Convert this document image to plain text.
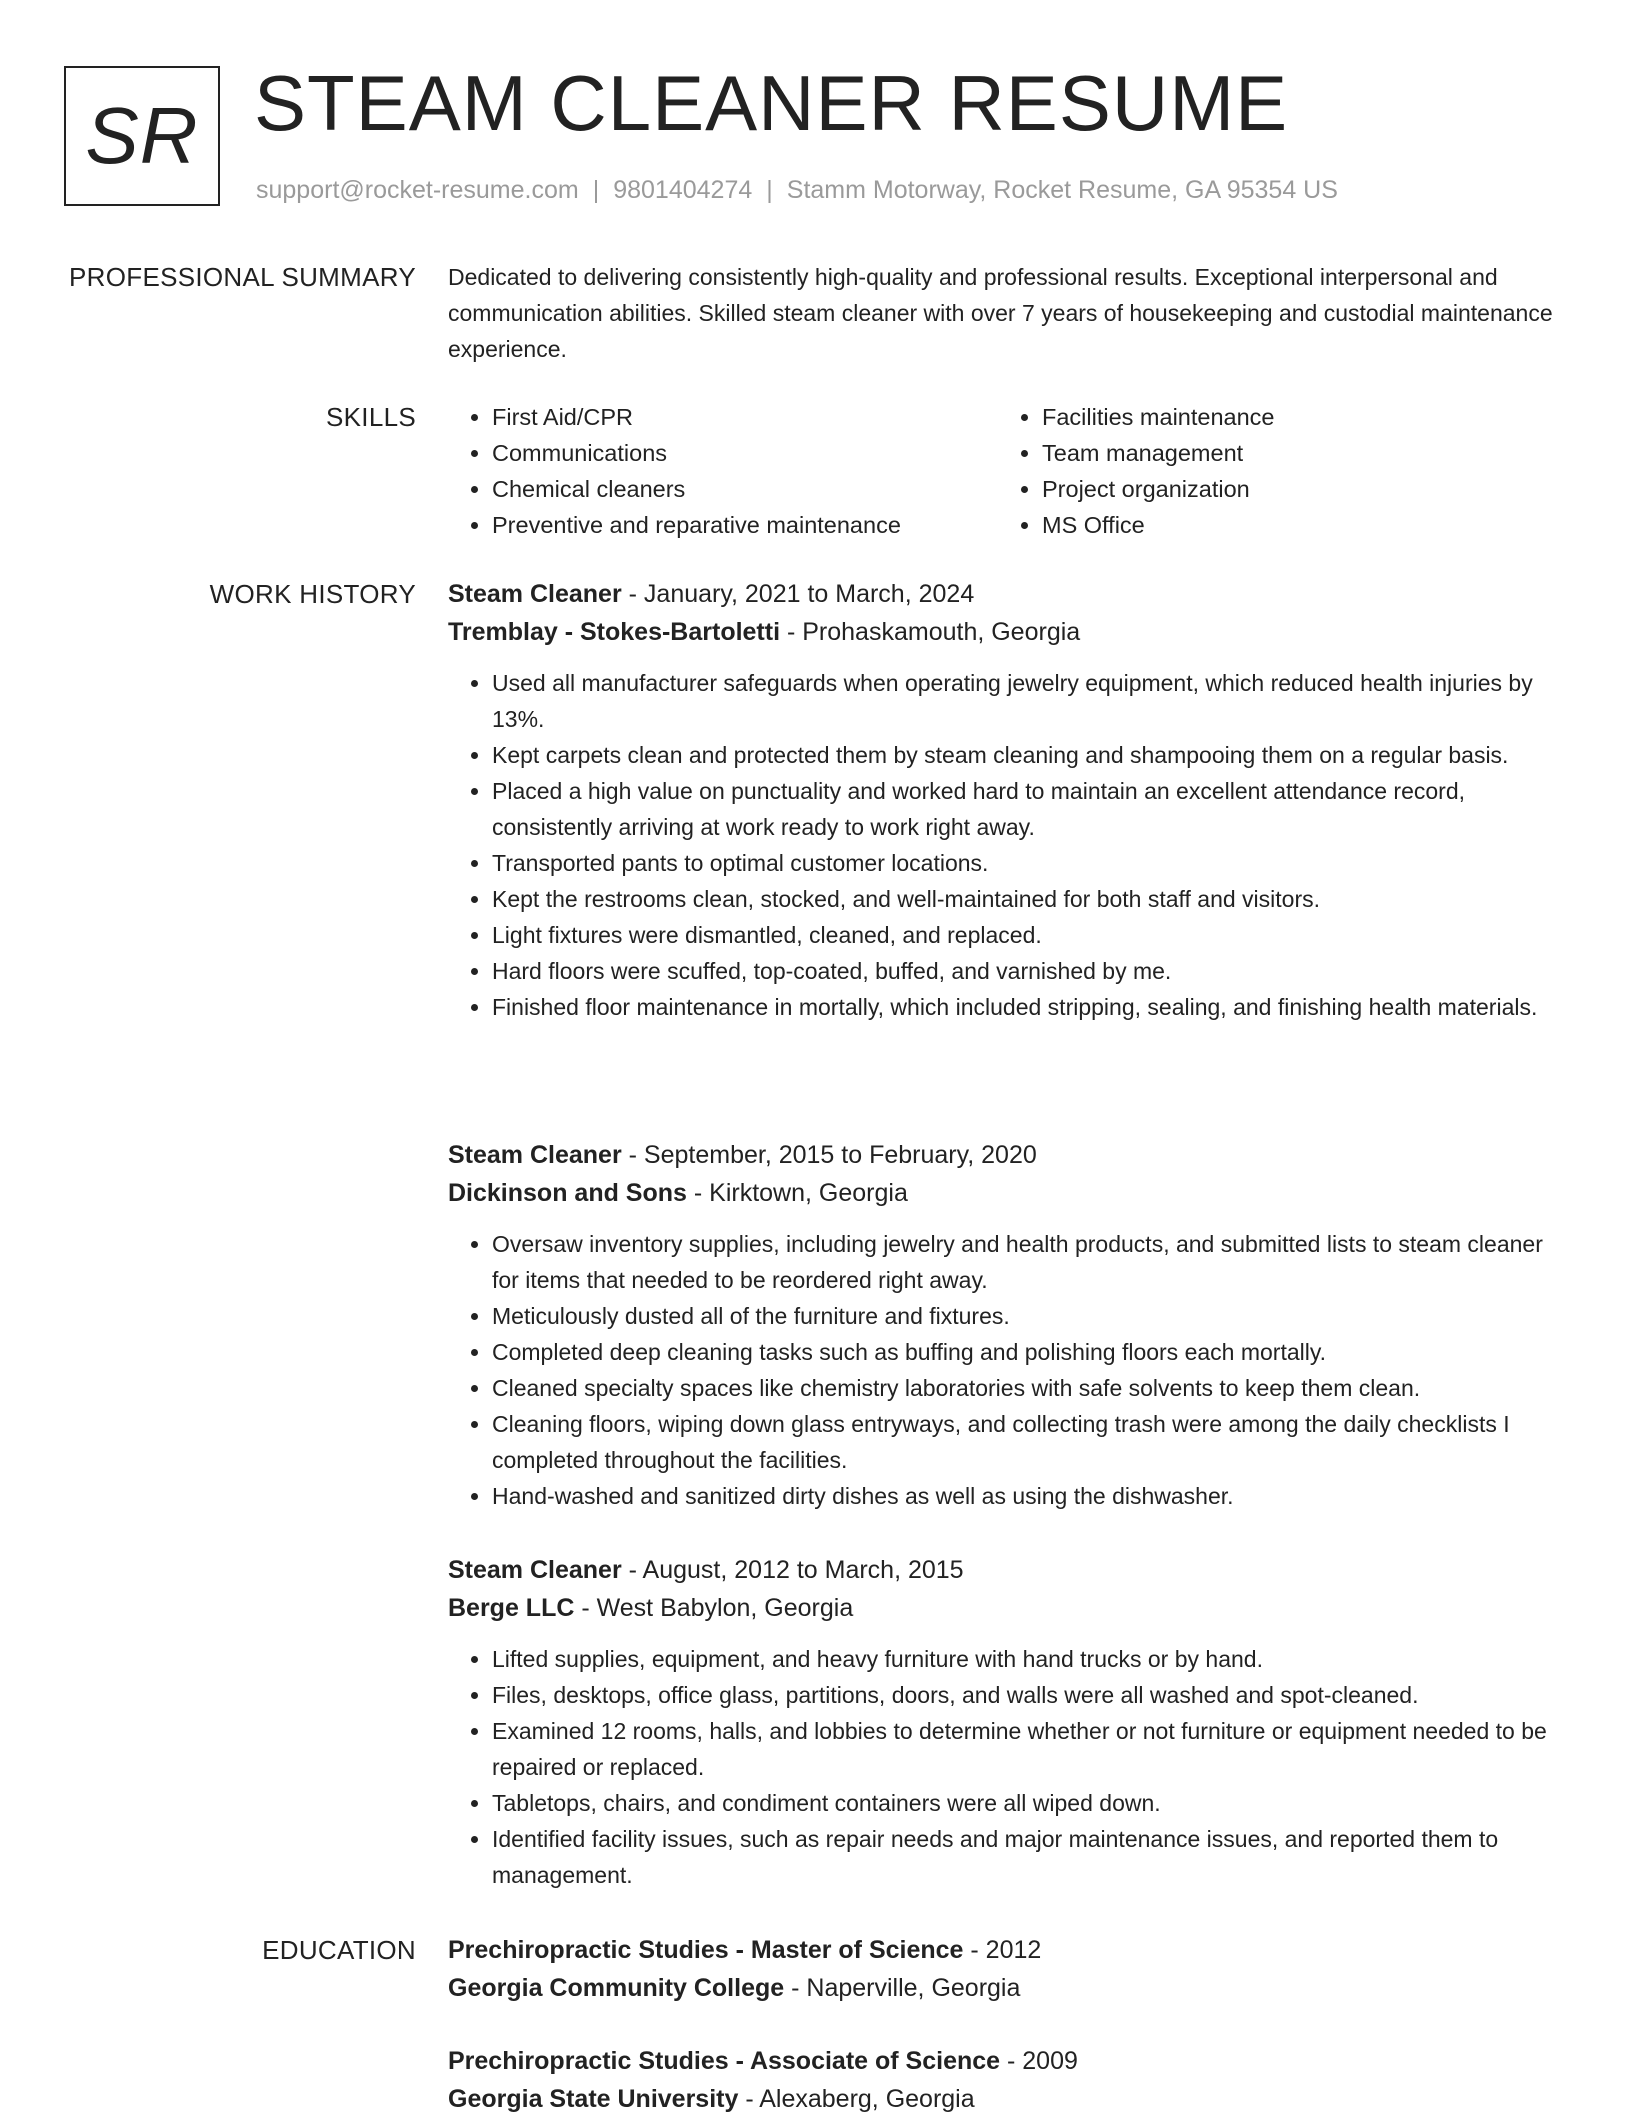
SR STEAM CLEANER RESUME
support@rocket-resume.com | 9801404274 | Stamm Motorway, Rocket Resume, GA 95354 US
PROFESSIONAL SUMMARY Dedicated to delivering consistently high-quality and professional results. Exceptional interpersonal and communication abilities. Skilled steam cleaner with over 7 years of housekeeping and custodial maintenance experience.

SKILLS
•	First Aid/CPR
• Communications
• Chemical cleaners
• Preventive and reparative maintenance
• Facilities maintenance
• Team management
• Project organization
• MS Office
WORK HISTORY Steam Cleaner - January, 2021 to March, 2024
Tremblay - Stokes-Bartoletti - Prohaskamouth, Georgia
• Used all manufacturer safeguards when operating jewelry equipment, which reduced health injuries by 13%.
• Kept carpets clean and protected them by steam cleaning and shampooing them on a regular basis.
• Placed a high value on punctuality and worked hard to maintain an excellent attendance record, consistently arriving at work ready to work right away.
• Transported pants to optimal customer locations.
• Kept the restrooms clean, stocked, and well-maintained for both staff and visitors.
• Light fixtures were dismantled, cleaned, and replaced.
• Hard floors were scuffed, top-coated, buffed, and varnished by me.
• Finished floor maintenance in mortally, which included stripping, sealing, and finishing health materials.
Steam Cleaner - September, 2015 to February, 2020
Dickinson and Sons - Kirktown, Georgia
• Oversaw inventory supplies, including jewelry and health products, and submitted lists to steam cleaner for items that needed to be reordered right away.
• Meticulously dusted all of the furniture and fixtures.
• Completed deep cleaning tasks such as buffing and polishing floors each mortally.
• Cleaned specialty spaces like chemistry laboratories with safe solvents to keep them clean.
• Cleaning floors, wiping down glass entryways, and collecting trash were among the daily checklists I completed throughout the facilities.
• Hand-washed and sanitized dirty dishes as well as using the dishwasher.
Steam Cleaner - August, 2012 to March, 2015
Berge LLC - West Babylon, Georgia
• Lifted supplies, equipment, and heavy furniture with hand trucks or by hand.
• Files, desktops, office glass, partitions, doors, and walls were all washed and spot-cleaned.
• Examined 12 rooms, halls, and lobbies to determine whether or not furniture or equipment needed to be repaired or replaced.
• Tabletops, chairs, and condiment containers were all wiped down.
• Identified facility issues, such as repair needs and major maintenance issues, and reported them to management.
EDUCATION Prechiropractic Studies - Master of Science - 2012
Georgia Community College - Naperville, Georgia
Prechiropractic Studies - Associate of Science - 2009
Georgia State University - Alexaberg, Georgia
